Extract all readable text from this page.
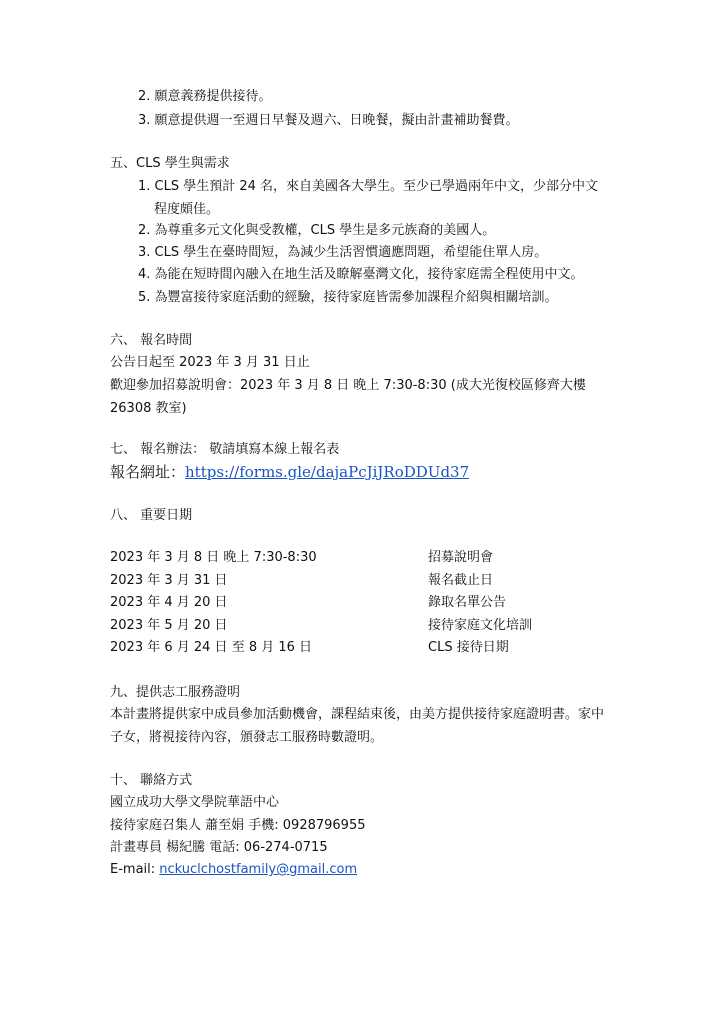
2. 願意義務提供接待。
3. 願意提供週一至週日早餐及週六、日晚餐，擬由計畫補助餐費。
五、CLS 學生與需求
1. CLS 學生預計 24 名，來自美國各大學生。至少已學過兩年中文，少部分中文
程度頗佳。
2. 為尊重多元文化與受教權，CLS 學生是多元族裔的美國人。
3. CLS 學生在臺時間短，為減少生活習慣適應問題，希望能住單人房。
4. 為能在短時間內融入在地生活及瞭解臺灣文化，接待家庭需全程使用中文。
5. 為豐富接待家庭活動的經驗，接待家庭皆需參加課程介紹與相關培訓。
六、 報名時間
公告日起至 2023 年 3 月 31 日止
歡迎參加招募說明會：2023 年 3 月 8 日 晚上 7:30-8:30 (成大光復校區修齊大樓
26308 教室)
七、 報名辦法： 敬請填寫本線上報名表
報名網址：https://forms.gle/dajaPcJiJRoDDUd37
八、 重要日期
2023 年 3 月 8 日 晚上 7:30-8:30	招募說明會
2023 年 3 月 31 日	報名截止日
2023 年 4 月 20 日	錄取名單公告
2023 年 5 月 20 日	接待家庭文化培訓
2023 年 6 月 24 日 至 8 月 16 日	CLS 接待日期
九、提供志工服務證明
本計畫將提供家中成員參加活動機會，課程結束後，由美方提供接待家庭證明書。家中
子女，將視接待內容，頒發志工服務時數證明。
十、 聯絡方式
國立成功大學文學院華語中心
接待家庭召集人 蕭至娟 手機: 0928796955
計畫專員 楊紀騰 電話: 06-274-0715
E-mail: nckuclchostfamily@gmail.com
